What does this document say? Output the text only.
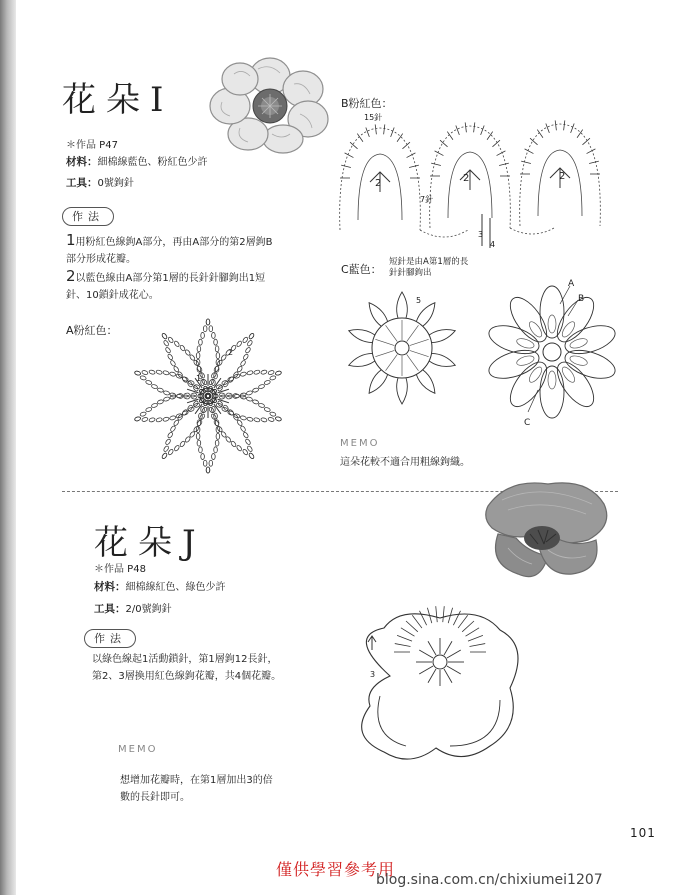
花朵I
＊作品 P47
材料：細棉線藍色、粉紅色少許
工具：0號鉤針
作法
1用粉紅色線鉤A部分，再由A部分的第2層鉤B
部分形成花瓣。
2以藍色線由A部分第1層的長針針腳鉤出1短
針、10鎖針成花心。
A粉紅色：
2
1
B粉紅色：
15針
2	2	2
7針
3
4
C藍色：
短針是由A第1層的長
針針腳鉤出
5
A
B
C
MEMO
這朵花較不適合用粗線鉤織。
花朵J
＊作品 P48
材料：細棉線紅色、綠色少許
工具：2/0號鉤針
作法
以綠色線起1活動鎖針，第1層鉤12長針，
第2、3層換用紅色線鉤花瓣，共4個花瓣。	3
MEMO
想增加花瓣時，在第1層加出3的倍
數的長針即可。
101
僅供學習參考用
blog.sina.com.cn/chixiumei1207
